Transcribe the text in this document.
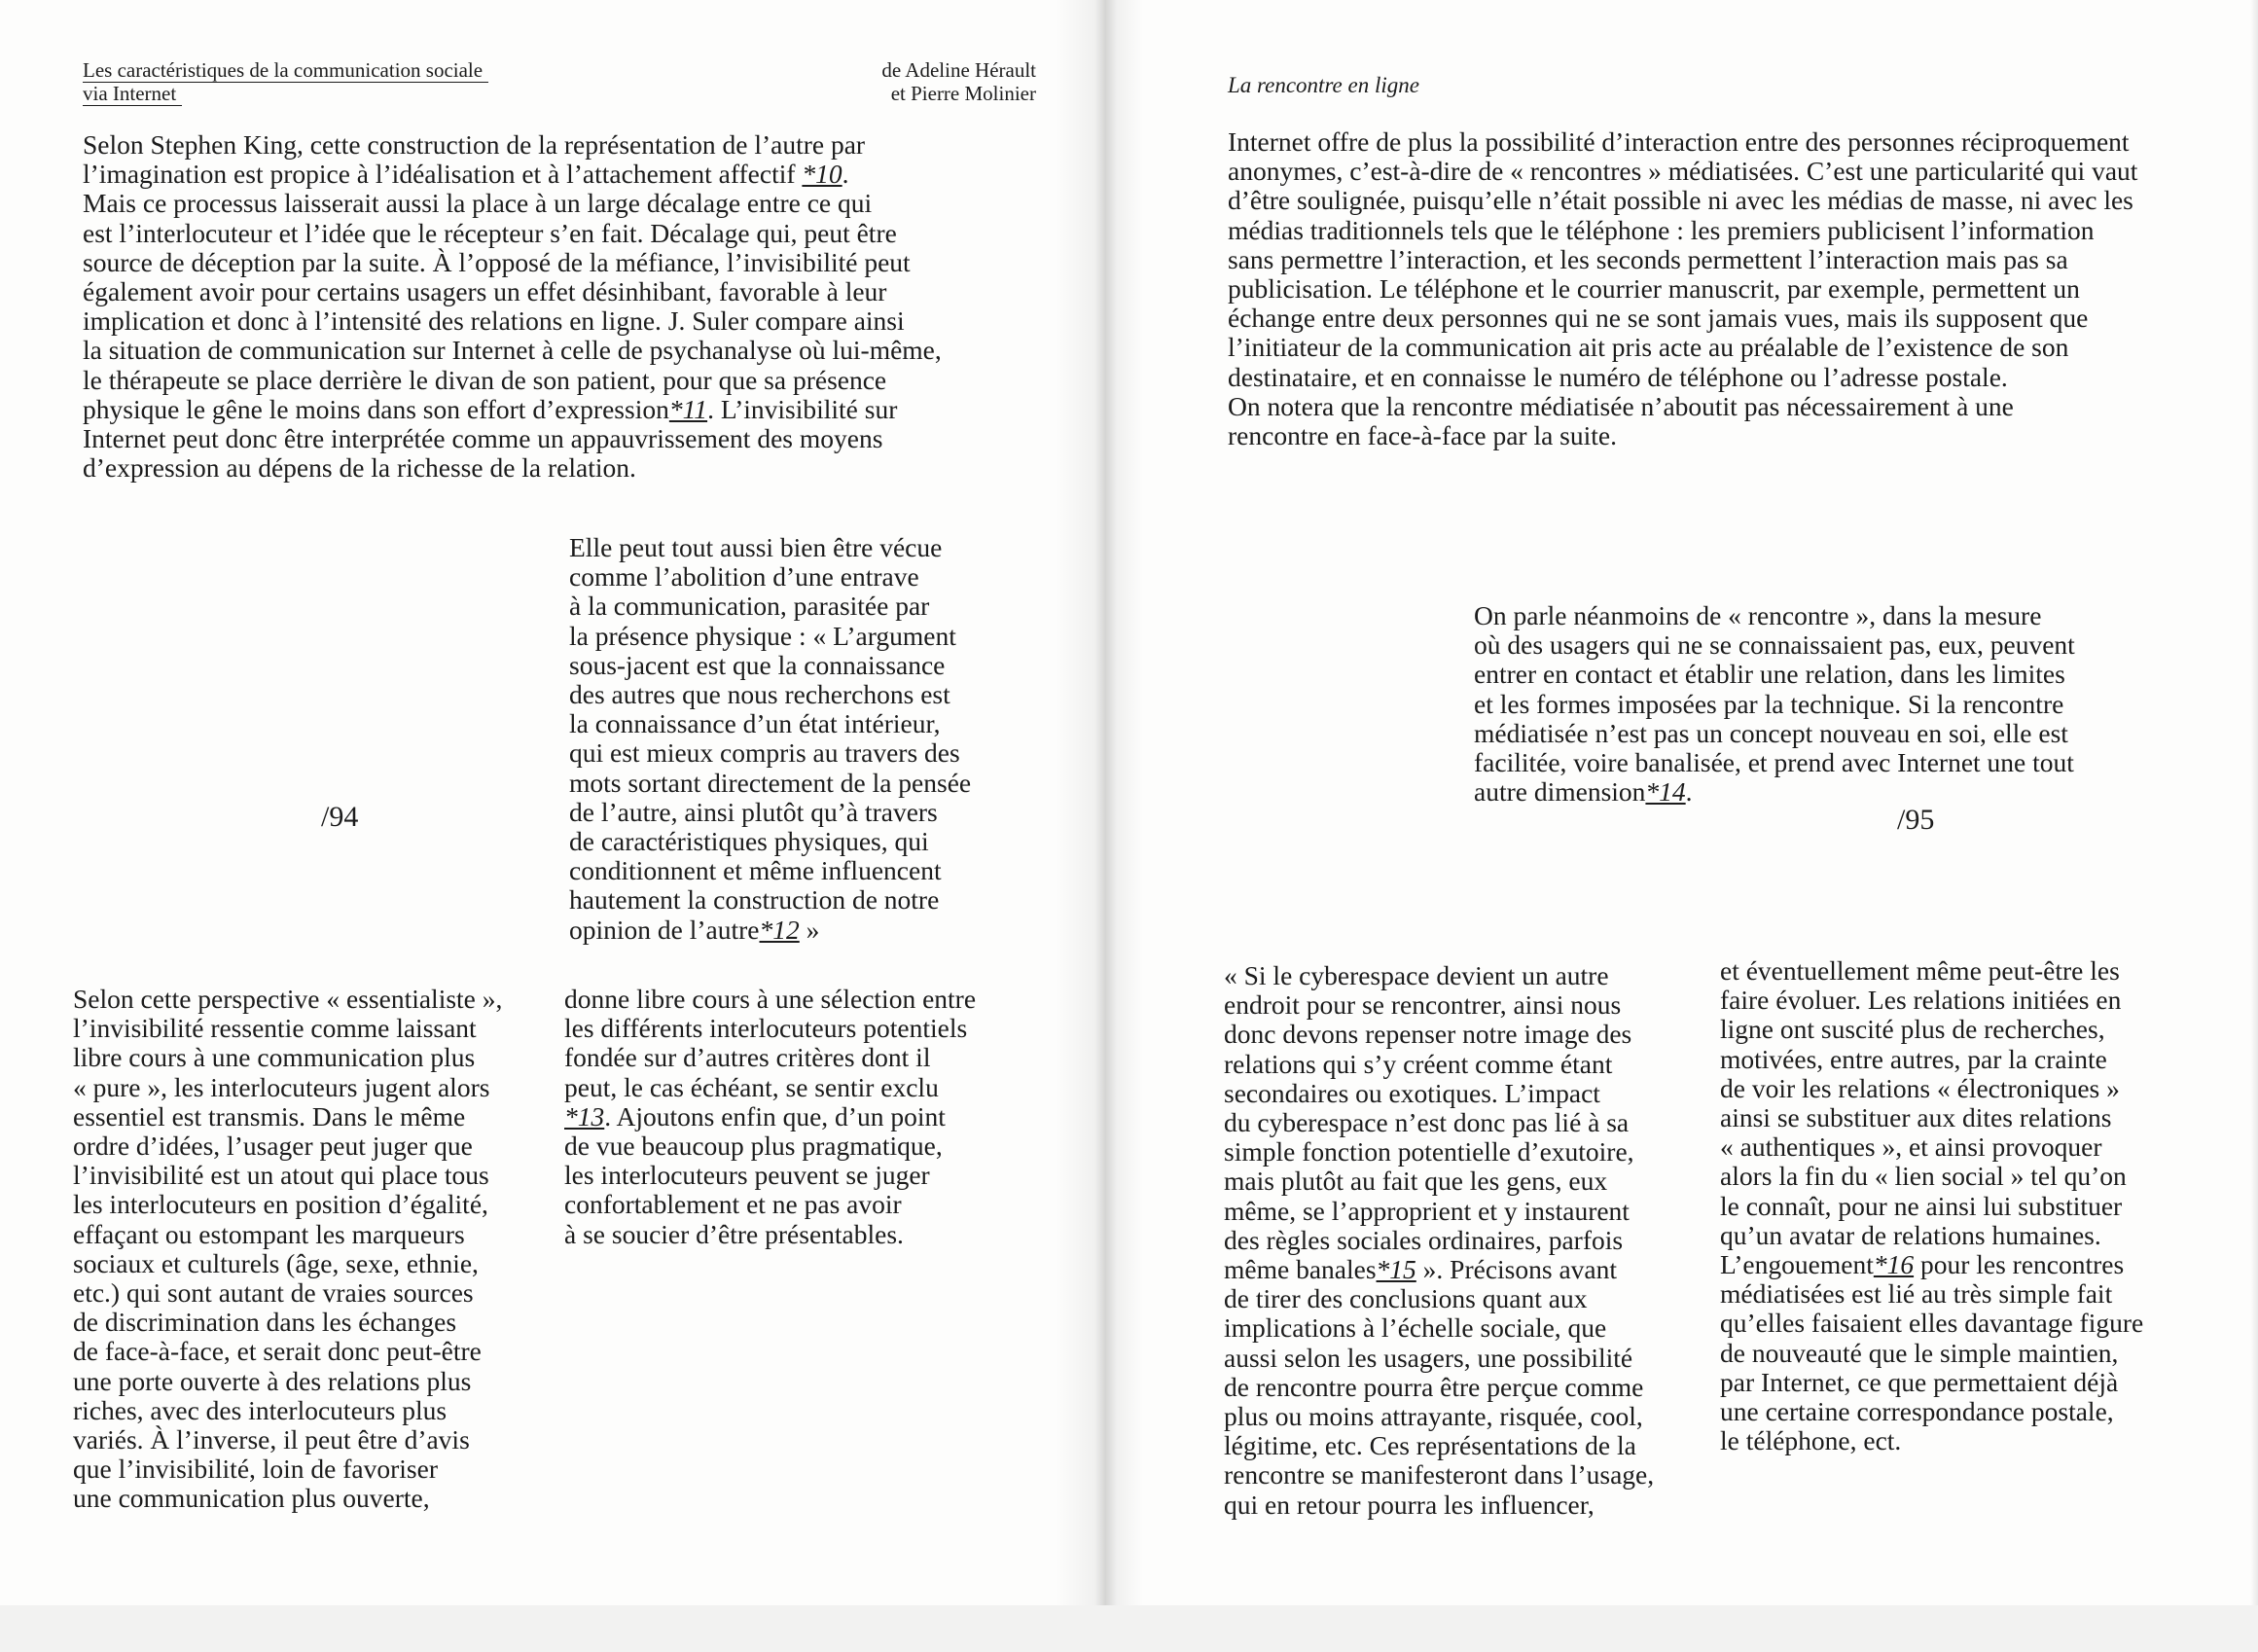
Les caractéristiques de la communication sociale
via Internet
de Adeline Hérault
et Pierre Molinier
Selon Stephen King, cette construction de la représentation de l’autre par
l’imagination est propice à l’idéalisation et à l’attachement affectif *10.
Mais ce processus laisserait aussi la place à un large décalage entre ce qui
est l’interlocuteur et l’idée que le récepteur s’en fait. Décalage qui, peut être
source de déception par la suite. À l’opposé de la méfiance, l’invisibilité peut
également avoir pour certains usagers un effet désinhibant, favorable à leur
implication et donc à l’intensité des relations en ligne. J. Suler compare ainsi
la situation de communication sur Internet à celle de psychanalyse où lui-même,
le thérapeute se place derrière le divan de son patient, pour que sa présence
physique le gêne le moins dans son effort d’expression*11. L’invisibilité sur
Internet peut donc être interprétée comme un appauvrissement des moyens
d’expression au dépens de la richesse de la relation.
Elle peut tout aussi bien être vécue
comme l’abolition d’une entrave
à la communication, parasitée par
la présence physique : « L’argument
sous-jacent est que la connaissance
des autres que nous recherchons est
la connaissance d’un état intérieur,
qui est mieux compris au travers des
mots sortant directement de la pensée
de l’autre, ainsi plutôt qu’à travers
de caractéristiques physiques, qui
conditionnent et même influencent
hautement la construction de notre
opinion de l’autre*12 »
/94
Selon cette perspective « essentialiste »,
l’invisibilité ressentie comme laissant
libre cours à une communication plus
« pure », les interlocuteurs jugent alors
essentiel est transmis. Dans le même
ordre d’idées, l’usager peut juger que
l’invisibilité est un atout qui place tous
les interlocuteurs en position d’égalité,
effaçant ou estompant les marqueurs
sociaux et culturels (âge, sexe, ethnie,
etc.) qui sont autant de vraies sources
de discrimination dans les échanges
de face-à-face, et serait donc peut-être
une porte ouverte à des relations plus
riches, avec des interlocuteurs plus
variés. À l’inverse, il peut être d’avis
que l’invisibilité, loin de favoriser
une communication plus ouverte,
donne libre cours à une sélection entre
les différents interlocuteurs potentiels
fondée sur d’autres critères dont il
peut, le cas échéant, se sentir exclu
*13. Ajoutons enfin que, d’un point
de vue beaucoup plus pragmatique,
les interlocuteurs peuvent se juger
confortablement et ne pas avoir
à se soucier d’être présentables.
La rencontre en ligne
Internet offre de plus la possibilité d’interaction entre des personnes réciproquement
anonymes, c’est-à-dire de « rencontres » médiatisées. C’est une particularité qui vaut
d’être soulignée, puisqu’elle n’était possible ni avec les médias de masse, ni avec les
médias traditionnels tels que le téléphone : les premiers publicisent l’information
sans permettre l’interaction, et les seconds permettent l’interaction mais pas sa
publicisation. Le téléphone et le courrier manuscrit, par exemple, permettent un
échange entre deux personnes qui ne se sont jamais vues, mais ils supposent que
l’initiateur de la communication ait pris acte au préalable de l’existence de son
destinataire, et en connaisse le numéro de téléphone ou l’adresse postale.
On notera que la rencontre médiatisée n’aboutit pas nécessairement à une
rencontre en face-à-face par la suite.
On parle néanmoins de « rencontre », dans la mesure
où des usagers qui ne se connaissaient pas, eux, peuvent
entrer en contact et établir une relation, dans les limites
et les formes imposées par la technique. Si la rencontre
médiatisée n’est pas un concept nouveau en soi, elle est
facilitée, voire banalisée, et prend avec Internet une tout
autre dimension*14.
/95
« Si le cyberespace devient un autre
endroit pour se rencontrer, ainsi nous
donc devons repenser notre image des
relations qui s’y créent comme étant
secondaires ou exotiques. L’impact
du cyberespace n’est donc pas lié à sa
simple fonction potentielle d’exutoire,
mais plutôt au fait que les gens, eux
même, se l’approprient et y instaurent
des règles sociales ordinaires, parfois
même banales*15 ». Précisons avant
de tirer des conclusions quant aux
implications à l’échelle sociale, que
aussi selon les usagers, une possibilité
de rencontre pourra être perçue comme
plus ou moins attrayante, risquée, cool,
légitime, etc. Ces représentations de la
rencontre se manifesteront dans l’usage,
qui en retour pourra les influencer,
et éventuellement même peut-être les
faire évoluer. Les relations initiées en
ligne ont suscité plus de recherches,
motivées, entre autres, par la crainte
de voir les relations « électroniques »
ainsi se substituer aux dites relations
« authentiques », et ainsi provoquer
alors la fin du « lien social » tel qu’on
le connaît, pour ne ainsi lui substituer
qu’un avatar de relations humaines.
L’engouement*16 pour les rencontres
médiatisées est lié au très simple fait
qu’elles faisaient elles davantage figure
de nouveauté que le simple maintien,
par Internet, ce que permettaient déjà
une certaine correspondance postale,
le téléphone, ect.
